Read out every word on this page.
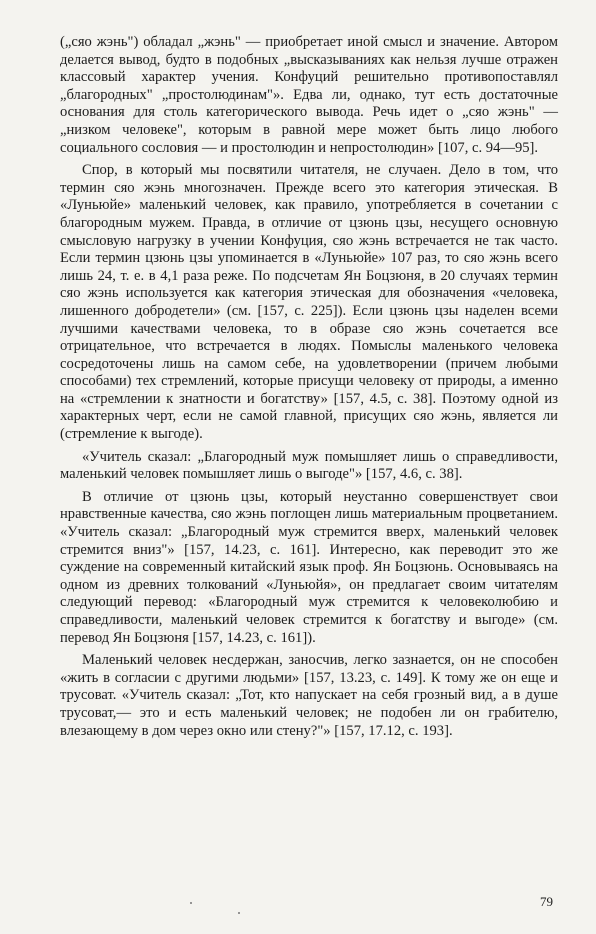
(„сяо жэнь") обладал „жэнь" — приобретает иной смысл и значение. Автором делается вывод, будто в подобных „высказываниях как нельзя лучше отражен классовый характер учения. Конфуций решительно противопоставлял „благородных" „простолюдинам"». Едва ли, однако, тут есть достаточные основания для столь категорического вывода. Речь идет о „сяо жэнь" — „низком человеке", которым в равной мере может быть лицо любого социального сословия — и простолюдин и непростолюдин» [107, с. 94—95].

Спор, в который мы посвятили читателя, не случаен. Дело в том, что термин сяо жэнь многозначен. Прежде всего это категория этическая. В «Луньюйе» маленький человек, как правило, употребляется в сочетании с благородным мужем. Правда, в отличие от цзюнь цзы, несущего основную смысловую нагрузку в учении Конфуция, сяо жэнь встречается не так часто. Если термин цзюнь цзы упоминается в «Луньюйе» 107 раз, то сяо жэнь всего лишь 24, т. е. в 4,1 раза реже. По подсчетам Ян Боцзюня, в 20 случаях термин сяо жэнь используется как категория этическая для обозначения «человека, лишенного добродетели» (см. [157, с. 225]). Если цзюнь цзы наделен всеми лучшими качествами человека, то в образе сяо жэнь сочетается все отрицательное, что встречается в людях. Помыслы маленького человека сосредоточены лишь на самом себе, на удовлетворении (причем любыми способами) тех стремлений, которые присущи человеку от природы, а именно на «стремлении к знатности и богатству» [157, 4.5, с. 38]. Поэтому одной из характерных черт, если не самой главной, присущих сяо жэнь, является ли (стремление к выгоде).

«Учитель сказал: „Благородный муж помышляет лишь о справедливости, маленький человек помышляет лишь о выгоде"» [157, 4.6, с. 38].

В отличие от цзюнь цзы, который неустанно совершенствует свои нравственные качества, сяо жэнь поглощен лишь материальным процветанием. «Учитель сказал: „Благородный муж стремится вверх, маленький человек стремится вниз"» [157, 14.23, с. 161]. Интересно, как переводит это же суждение на современный китайский язык проф. Ян Боцзюнь. Основываясь на одном из древних толкований «Луньюйя», он предлагает своим читателям следующий перевод: «Благородный муж стремится к человеколюбию и справедливости, маленький человек стремится к богатству и выгоде» (см. перевод Ян Боцзюня [157, 14.23, с. 161]).

Маленький человек несдержан, заносчив, легко зазнается, он не способен «жить в согласии с другими людьми» [157, 13.23, с. 149]. К тому же он еще и трусоват. «Учитель сказал: „Тот, кто напускает на себя грозный вид, а в душе трусоват,— это и есть маленький человек; не подобен ли он грабителю, влезающему в дом через окно или стену?"» [157, 17.12, с. 193].

79
